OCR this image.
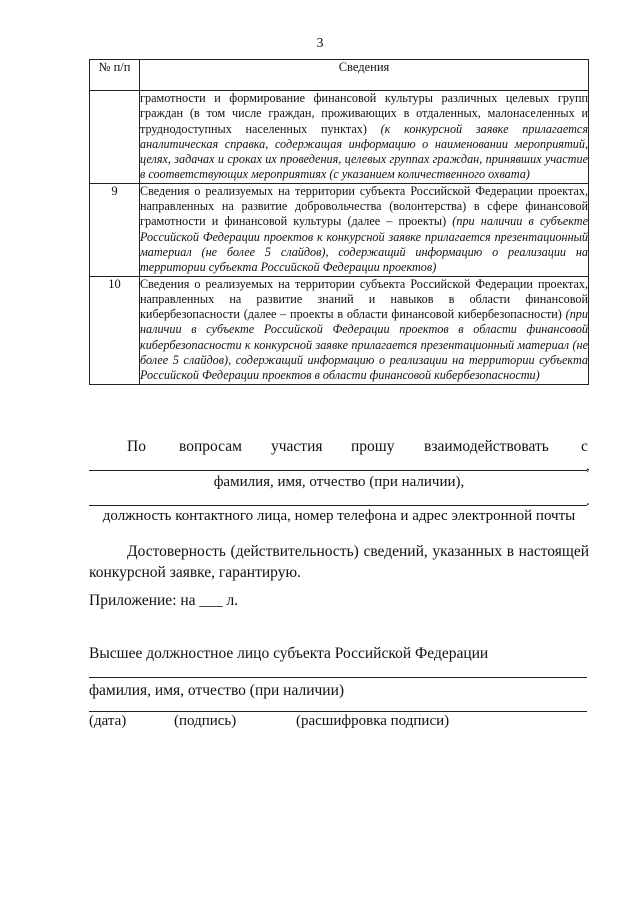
3
№ п/п	Сведения
	грамотности и формирование финансовой культуры различных целевых групп граждан (в том числе граждан, проживающих в отдаленных, малонаселенных и труднодоступных населенных пунктах) (к конкурсной заявке прилагается аналитическая справка, содержащая информацию о наименовании мероприятий, целях, задачах и сроках их проведения, целевых группах граждан, принявших участие в соответствующих мероприятиях (с указанием количественного охвата)
9	Сведения о реализуемых на территории субъекта Российской Федерации проектах, направленных на развитие добровольчества (волонтерства) в сфере финансовой грамотности и финансовой культуры (далее – проекты) (при наличии в субъекте Российской Федерации проектов к конкурсной заявке прилагается презентационный материал (не более 5 слайдов), содержащий информацию о реализации на территории субъекта Российской Федерации проектов)
10	Сведения о реализуемых на территории субъекта Российской Федерации проектах, направленных на развитие знаний и навыков в области финансовой кибербезопасности (далее – проекты в области финансовой кибербезопасности) (при наличии в субъекте Российской Федерации проектов в области финансовой кибербезопасности к конкурсной заявке прилагается презентационный материал (не более 5 слайдов), содержащий информацию о реализации на территории субъекта Российской Федерации проектов в области финансовой кибербезопасности)
По вопросам участия прошу взаимодействовать с
,
фамилия, имя, отчество (при наличии),
.
должность контактного лица, номер телефона и адрес электронной почты
Достоверность (действительность) сведений, указанных в настоящей конкурсной заявке, гарантирую.
Приложение: на ___ л.
Высшее должностное лицо субъекта Российской Федерации
фамилия, имя, отчество (при наличии)
(дата)	(подпись)	(расшифровка подписи)
